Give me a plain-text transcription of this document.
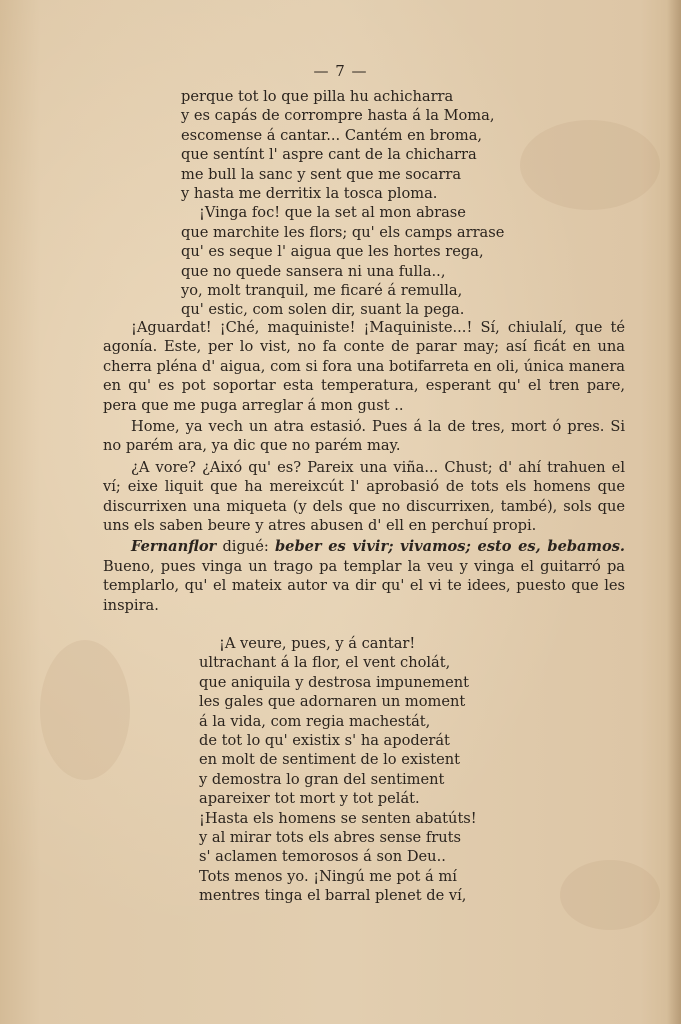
— 7 —
perque tot lo que pilla hu achicharra
y es capás de corrompre hasta á la Moma,
escomense á cantar... Cantém en broma,
que sentínt l' aspre cant de la chicharra
me bull la sanc y sent que me socarra
y hasta me derritix la tosca ploma.
¡Vinga foc! que la set al mon abrase
que marchite les flors; qu' els camps arrase
qu' es seque l' aigua que les hortes rega,
que no quede sansera ni una fulla..,
yo, molt tranquil, me ficaré á remulla,
qu' estic, com solen dir, suant la pega.

¡Aguardat! ¡Ché, maquiniste! ¡Maquiniste...! Sí, chiulalí, que té agonía. Este, per lo vist, no fa conte de parar may; así ficát en una cherra pléna d' aigua, com si fora una botifarreta en oli, única manera en qu' es pot soportar esta temperatura, esperant qu' el tren pare, pera que me puga arreglar á mon gust ..

Home, ya vech un atra estasió. Pues á la de tres, mort ó pres. Si no parém ara, ya dic que no parém may.

¿A vore? ¿Aixó qu' es? Pareix una viña... Chust; d' ahí trahuen el ví; eixe liquit que ha mereixcút l' aprobasió de tots els homens que discurrixen una miqueta (y dels que no discurrixen, també), sols que uns els saben beure y atres abusen d' ell en perchuí propi.

Fernanflor digué: beber es vivir; vivamos; esto es, bebamos. Bueno, pues vinga un trago pa templar la veu y vinga el guitarró pa templarlo, qu' el mateix autor va dir qu' el vi te idees, puesto que les inspira.

¡A veure, pues, y á cantar!
ultrachant á la flor, el vent cholát,
que aniquila y destrosa impunement
les gales que adornaren un moment
á la vida, com regia machestát,
de tot lo qu' existix s' ha apoderát
en molt de sentiment de lo existent
y demostra lo gran del sentiment
apareixer tot mort y tot pelát.
¡Hasta els homens se senten abatúts!
y al mirar tots els abres sense fruts
s' aclamen temorosos á son Deu..
Tots menos yo. ¡Ningú me pot á mí
mentres tinga el barral plenet de ví,
